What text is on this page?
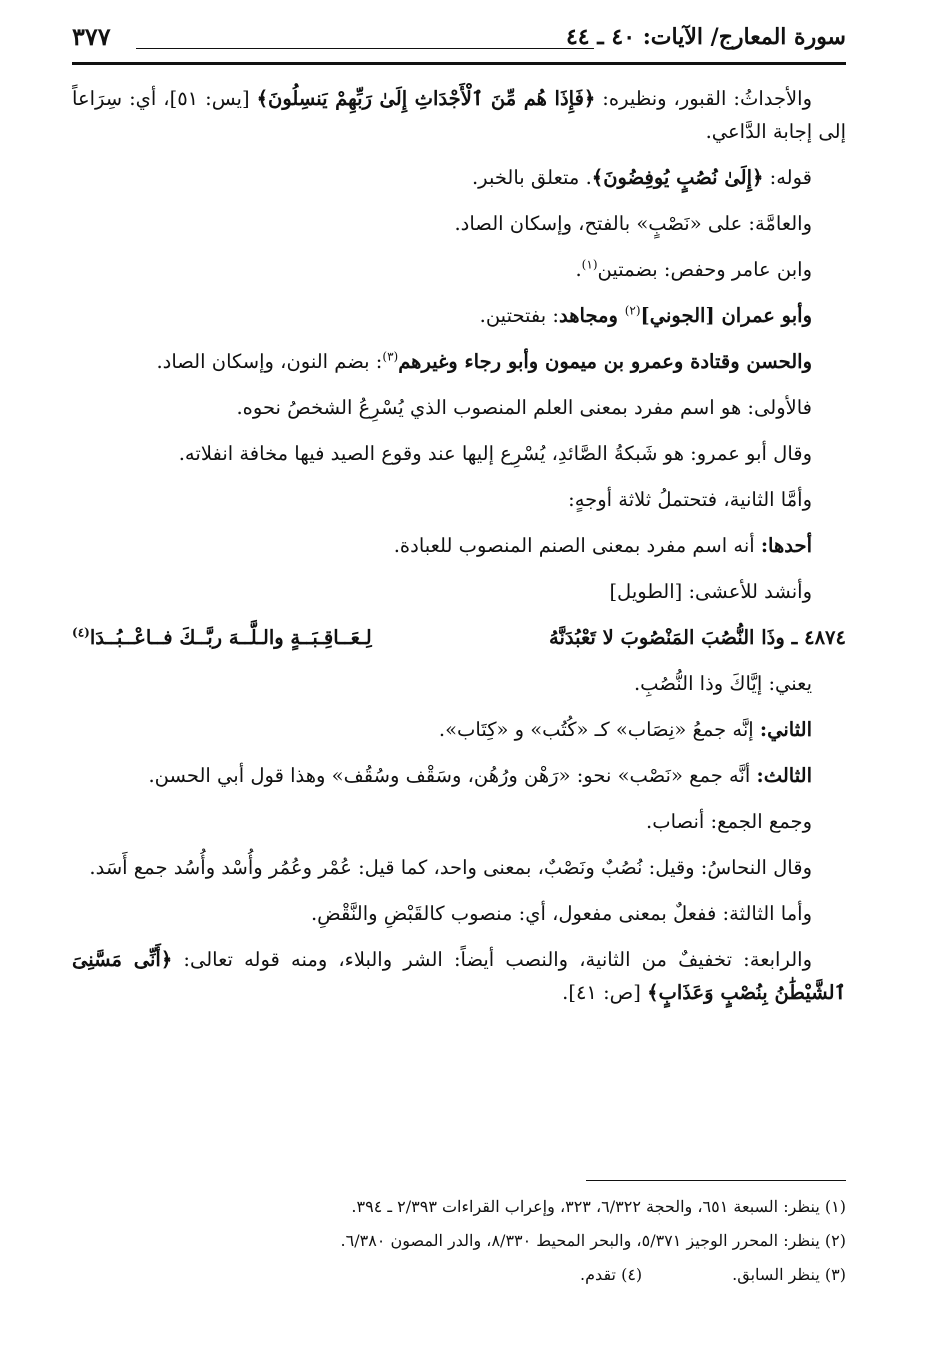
سورة المعارج/ الآيات: ٤٠ ـ ٤٤
٣٧٧

والأجداثُ: القبور، ونظيره: ﴿فَإِذَا هُم مِّنَ ٱلْأَجْدَاثِ إِلَىٰ رَبِّهِمْ يَنسِلُونَ﴾ [يس: ٥١]، أي: سِرَاعاً إلى إجابة الدَّاعي.

قوله: ﴿إِلَىٰ نُصُبٍ يُوفِضُونَ﴾. متعلق بالخبر.

والعامَّة: على «نَصْبٍ» بالفتح، وإسكان الصاد.

وابن عامر وحفص: بضمتين$^{(١)}$.

وأبو عمران [الجوني]$^{(٢)}$ ومجاهد: بفتحتين.

والحسن وقتادة وعمرو بن ميمون وأبو رجاء وغيرهم$^{(٣)}$: بضم النون، وإسكان الصاد.

فالأولى: هو اسم مفرد بمعنى العلم المنصوب الذي يُسْرِعُ الشخصُ نحوه.

وقال أبو عمرو: هو شَبكةُ الصَّائدِ، يُسْرِع إليها عند وقوع الصيد فيها مخافة انفلاته.

وأمَّا الثانية، فتحتملُ ثلاثة أوجهٍ:

أحدها: أنه اسم مفرد بمعنى الصنم المنصوب للعبادة.

وأنشد للأعشى: [الطويل]

٤٨٧٤ ـ وذَا النُّصُبَ المَنْصُوبَ لا تَعْبُدَنَّهُ
لِـعَــاقِـبَــةٍ والـلَّــهَ ربَّــكَ فــاعْــبُــدَا$^{(٤)}$

يعني: إيَّاكَ وذا النُّصُبِ.

الثاني: إنَّه جمعُ «نِصَاب» كـ «كُتُب» و «كِتَاب».

الثالث: أنَّه جمع «نَصْب» نحو: «رَهْن ورُهُن، وسَقْف وسُقُف» وهذا قول أبي الحسن.

وجمع الجمع: أنصاب.

وقال النحاسُ: وقيل: نُصُبٌ ونَصْبٌ، بمعنى واحد، كما قيل: عُمْر وعُمُر وأُسْد وأُسُد جمع أَسَد.

وأما الثالثة: ففعلٌ بمعنى مفعول، أي: منصوب كالقَبْضِ والنَّقْضِ.

والرابعة: تخفيفٌ من الثانية، والنصب أيضاً: الشر والبلاء، ومنه قوله تعالى: ﴿أَنِّى مَسَّنِىَ ٱلشَّيْطَٰنُ بِنُصْبٍ وَعَذَابٍ﴾ [ص: ٤١].

(١) ينظر: السبعة ٦٥١، والحجة ٦/٣٢٢، ٣٢٣، وإعراب القراءات ٢/٣٩٣ ـ ٣٩٤.
(٢) ينظر: المحرر الوجيز ٥/٣٧١، والبحر المحيط ٨/٣٣٠، والدر المصون ٦/٣٨٠.
(٣) ينظر السابق.
(٤) تقدم.
